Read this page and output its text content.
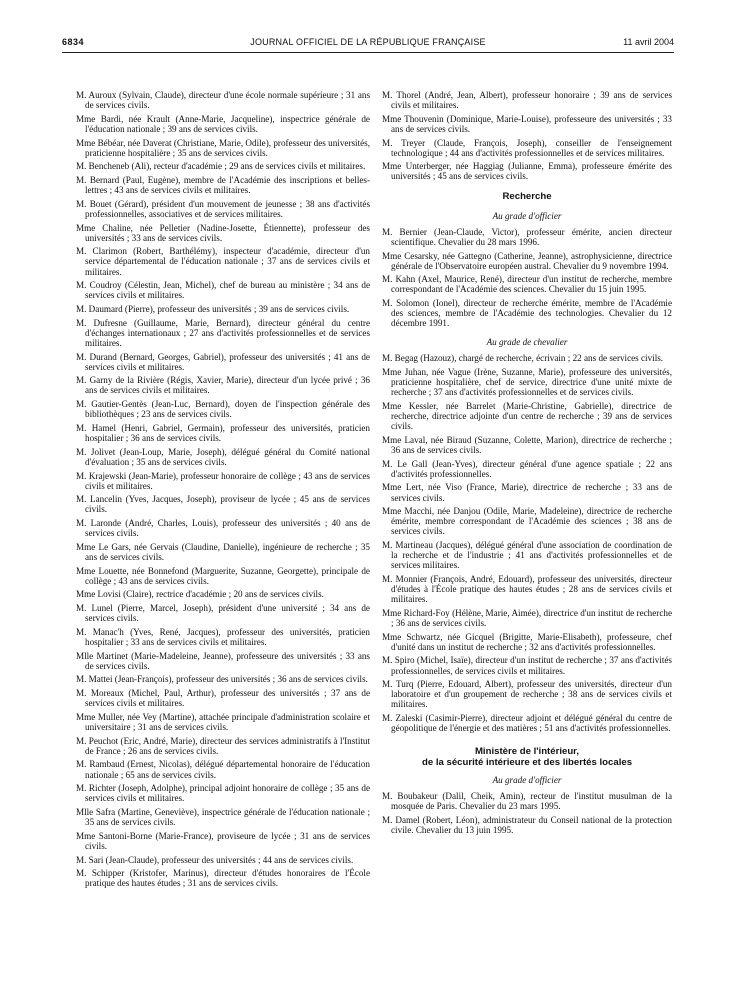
6834	JOURNAL OFFICIEL DE LA RÉPUBLIQUE FRANÇAISE	11 avril 2004

M. Auroux (Sylvain, Claude), directeur d'une école normale supérieure ; 31 ans de services civils.

Mme Bardi, née Krault (Anne-Marie, Jacqueline), inspectrice générale de l'éducation nationale ; 39 ans de services civils.

Mme Bébéar, née Daverat (Christiane, Marie, Odile), professeur des universités, praticienne hospitalière ; 35 ans de services civils.

M. Bencheneb (Ali), recteur d'académie ; 29 ans de services civils et militaires.

M. Bernard (Paul, Eugène), membre de l'Académie des inscriptions et belles-lettres ; 43 ans de services civils et militaires.

M. Bouet (Gérard), président d'un mouvement de jeunesse ; 38 ans d'activités professionnelles, associatives et de services militaires.

Mme Chaline, née Pelletier (Nadine-Josette, Étiennette), professeur des universités ; 33 ans de services civils.

M. Clarimon (Robert, Barthélémy), inspecteur d'académie, directeur d'un service départemental de l'éducation nationale ; 37 ans de services civils et militaires.

M. Coudroy (Célestin, Jean, Michel), chef de bureau au ministère ; 34 ans de services civils et militaires.

M. Daumard (Pierre), professeur des universités ; 39 ans de services civils.

M. Dufresne (Guillaume, Marie, Bernard), directeur général du centre d'échanges internationaux ; 27 ans d'activités professionnelles et de services militaires.

M. Durand (Bernard, Georges, Gabriel), professeur des universités ; 41 ans de services civils et militaires.

M. Garny de la Rivière (Régis, Xavier, Marie), directeur d'un lycée privé ; 36 ans de services civils et militaires.

M. Gautier-Gentès (Jean-Luc, Bernard), doyen de l'inspection générale des bibliothèques ; 23 ans de services civils.

M. Hamel (Henri, Gabriel, Germain), professeur des universités, praticien hospitalier ; 36 ans de services civils.

M. Jolivet (Jean-Loup, Marie, Joseph), délégué général du Comité national d'évaluation ; 35 ans de services civils.

M. Krajewski (Jean-Marie), professeur honoraire de collège ; 43 ans de services civils et militaires.

M. Lancelin (Yves, Jacques, Joseph), proviseur de lycée ; 45 ans de services civils.

M. Laronde (André, Charles, Louis), professeur des universités ; 40 ans de services civils.

Mme Le Gars, née Gervais (Claudine, Danielle), ingénieure de recherche ; 35 ans de services civils.

Mme Louette, née Bonnefond (Marguerite, Suzanne, Georgette), principale de collège ; 43 ans de services civils.

Mme Lovisi (Claire), rectrice d'académie ; 20 ans de services civils.

M. Lunel (Pierre, Marcel, Joseph), président d'une université ; 34 ans de services civils.

M. Manac'h (Yves, René, Jacques), professeur des universités, praticien hospitalier ; 33 ans de services civils et militaires.

Mlle Martinet (Marie-Madeleine, Jeanne), professeure des universités ; 33 ans de services civils.

M. Mattei (Jean-François), professeur des universités ; 36 ans de services civils.

M. Moreaux (Michel, Paul, Arthur), professeur des universités ; 37 ans de services civils et militaires.

Mme Muller, née Vey (Martine), attachée principale d'administration scolaire et universitaire ; 31 ans de services civils.

M. Peuchot (Eric, André, Marie), directeur des services administratifs à l'Institut de France ; 26 ans de services civils.

M. Rambaud (Ernest, Nicolas), délégué départemental honoraire de l'éducation nationale ; 65 ans de services civils.

M. Richter (Joseph, Adolphe), principal adjoint honoraire de collège ; 35 ans de services civils et militaires.

Mlle Safra (Martine, Geneviève), inspectrice générale de l'éducation nationale ; 35 ans de services civils.

Mme Santoni-Borne (Marie-France), proviseure de lycée ; 31 ans de services civils.

M. Sari (Jean-Claude), professeur des universités ; 44 ans de services civils.

M. Schipper (Kristofer, Marinus), directeur d'études honoraires de l'École pratique des hautes études ; 31 ans de services civils.

M. Thorel (André, Jean, Albert), professeur honoraire ; 39 ans de services civils et militaires.

Mme Thouvenin (Dominique, Marie-Louise), professeure des universités ; 33 ans de services civils.

M. Treyer (Claude, François, Joseph), conseiller de l'enseignement technologique ; 44 ans d'activités professionnelles et de services militaires.

Mme Unterberger, née Haggiag (Julianne, Emma), professeure émérite des universités ; 45 ans de services civils.

Recherche
Au grade d'officier

M. Bernier (Jean-Claude, Victor), professeur émérite, ancien directeur scientifique. Chevalier du 28 mars 1996.

Mme Cesarsky, née Gattegno (Catherine, Jeanne), astrophysicienne, directrice générale de l'Observatoire européen austral. Chevalier du 9 novembre 1994.

M. Kahn (Axel, Maurice, René), directeur d'un institut de recherche, membre correspondant de l'Académie des sciences. Chevalier du 15 juin 1995.

M. Solomon (Ionel), directeur de recherche émérite, membre de l'Académie des sciences, membre de l'Académie des technologies. Chevalier du 12 décembre 1991.

Au grade de chevalier

M. Begag (Hazouz), chargé de recherche, écrivain ; 22 ans de services civils.

Mme Juhan, née Vague (Irène, Suzanne, Marie), professeure des universités, praticienne hospitalière, chef de service, directrice d'une unité mixte de recherche ; 37 ans d'activités professionnelles et de services civils.

Mme Kessler, née Barrelet (Marie-Christine, Gabrielle), directrice de recherche, directrice adjointe d'un centre de recherche ; 39 ans de services civils.

Mme Laval, née Biraud (Suzanne, Colette, Marion), directrice de recherche ; 36 ans de services civils.

M. Le Gall (Jean-Yves), directeur général d'une agence spatiale ; 22 ans d'activités professionnelles.

Mme Lert, née Viso (France, Marie), directrice de recherche ; 33 ans de services civils.

Mme Macchi, née Danjou (Odile, Marie, Madeleine), directrice de recherche émérite, membre correspondant de l'Académie des sciences ; 38 ans de services civils.

M. Martineau (Jacques), délégué général d'une association de coordination de la recherche et de l'industrie ; 41 ans d'activités professionnelles et de services militaires.

M. Monnier (François, André, Edouard), professeur des universités, directeur d'études à l'École pratique des hautes études ; 28 ans de services civils et militaires.

Mme Richard-Foy (Hélène, Marie, Aimée), directrice d'un institut de recherche ; 36 ans de services civils.

Mme Schwartz, née Gicquel (Brigitte, Marie-Elisabeth), professeure, chef d'unité dans un institut de recherche ; 32 ans d'activités professionnelles.

M. Spiro (Michel, Isaïe), directeur d'un institut de recherche ; 37 ans d'activités professionnelles, de services civils et militaires.

M. Turq (Pierre, Edouard, Albert), professeur des universités, directeur d'un laboratoire et d'un groupement de recherche ; 38 ans de services civils et militaires.

M. Zaleski (Casimir-Pierre), directeur adjoint et délégué général du centre de géopolitique de l'énergie et des matières ; 51 ans d'activités professionnelles.

Ministère de l'intérieur,
de la sécurité intérieure et des libertés locales
Au grade d'officier

M. Boubakeur (Dalil, Cheik, Amin), recteur de l'institut musulman de la mosquée de Paris. Chevalier du 23 mars 1995.

M. Damel (Robert, Léon), administrateur du Conseil national de la protection civile. Chevalier du 13 juin 1995.
